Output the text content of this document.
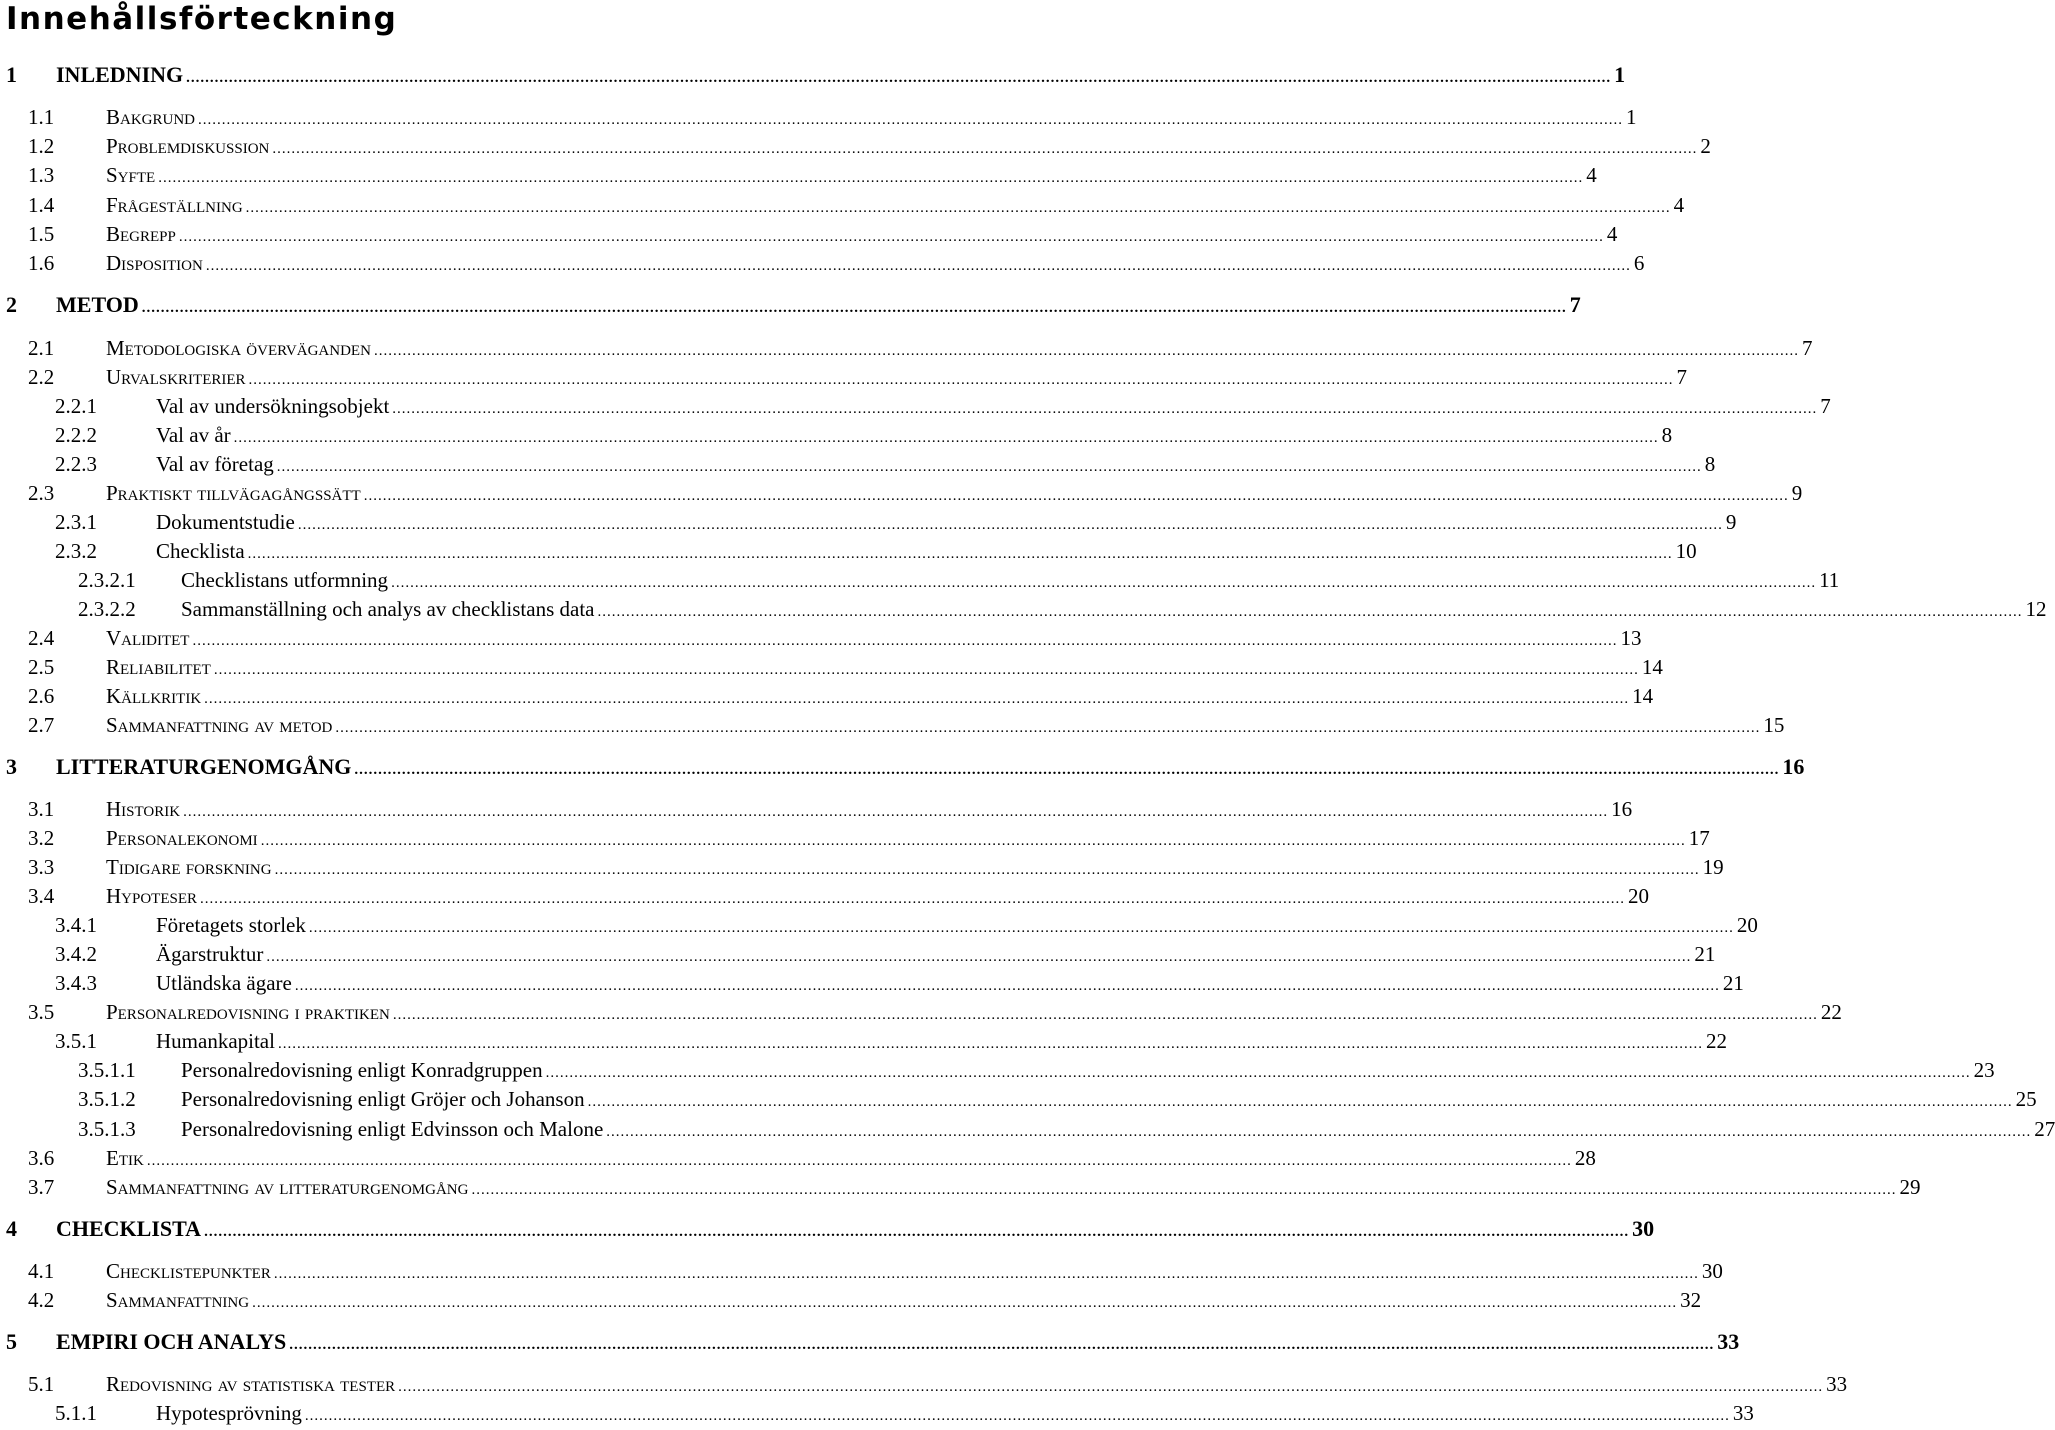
Innehållsförteckning
1 INLEDNING ............................................................................................................................................................................................................................................................................................................ 1
1.1 Bakgrund ............................................................................................................................................................................................................................................................................................................ 1
1.2 Problemdiskussion ............................................................................................................................................................................................................................................................................................................ 2
1.3 Syfte ............................................................................................................................................................................................................................................................................................................ 4
1.4 Frågeställning ............................................................................................................................................................................................................................................................................................................ 4
1.5 Begrepp ............................................................................................................................................................................................................................................................................................................ 4
1.6 Disposition ............................................................................................................................................................................................................................................................................................................ 6
2 METOD ............................................................................................................................................................................................................................................................................................................ 7
2.1 Metodologiska överväganden ............................................................................................................................................................................................................................................................................................................ 7
2.2 Urvalskriterier ............................................................................................................................................................................................................................................................................................................ 7
2.2.1	Val av undersökningsobjekt ............................................................................................................................................................................................................................................................................................................ 7
2.2.2	Val av år ............................................................................................................................................................................................................................................................................................................ 8
2.2.3	Val av företag ............................................................................................................................................................................................................................................................................................................ 8
2.3 Praktiskt tillvägagångssätt ............................................................................................................................................................................................................................................................................................................ 9
2.3.1	Dokumentstudie ............................................................................................................................................................................................................................................................................................................ 9
2.3.2	Checklista ............................................................................................................................................................................................................................................................................................................ 10
2.3.2.1 Checklistans utformning ............................................................................................................................................................................................................................................................................................................ 11
2.3.2.2 Sammanställning och analys av checklistans data ............................................................................................................................................................................................................................................................................................................ 12
2.4 Validitet ............................................................................................................................................................................................................................................................................................................ 13
2.5 Reliabilitet ............................................................................................................................................................................................................................................................................................................ 14
2.6 Källkritik ............................................................................................................................................................................................................................................................................................................ 14
2.7 Sammanfattning av metod ............................................................................................................................................................................................................................................................................................................ 15
3 LITTERATURGENOMGÅNG ............................................................................................................................................................................................................................................................................................................ 16
3.1 Historik ............................................................................................................................................................................................................................................................................................................ 16
3.2 Personalekonomi ............................................................................................................................................................................................................................................................................................................ 17
3.3 Tidigare forskning ............................................................................................................................................................................................................................................................................................................ 19
3.4 Hypoteser ............................................................................................................................................................................................................................................................................................................ 20
3.4.1	Företagets storlek ............................................................................................................................................................................................................................................................................................................ 20
3.4.2	Ägarstruktur ............................................................................................................................................................................................................................................................................................................ 21
3.4.3	Utländska ägare ............................................................................................................................................................................................................................................................................................................ 21
3.5 Personalredovisning i praktiken ............................................................................................................................................................................................................................................................................................................ 22
3.5.1	Humankapital ............................................................................................................................................................................................................................................................................................................ 22
3.5.1.1 Personalredovisning enligt Konradgruppen ............................................................................................................................................................................................................................................................................................................ 23
3.5.1.2 Personalredovisning enligt Gröjer och Johanson ............................................................................................................................................................................................................................................................................................................ 25
3.5.1.3 Personalredovisning enligt Edvinsson och Malone ............................................................................................................................................................................................................................................................................................................ 27
3.6 Etik ............................................................................................................................................................................................................................................................................................................ 28
3.7 Sammanfattning av litteraturgenomgång ............................................................................................................................................................................................................................................................................................................ 29
4 CHECKLISTA ............................................................................................................................................................................................................................................................................................................ 30
4.1 Checklistepunkter ............................................................................................................................................................................................................................................................................................................ 30
4.2 Sammanfattning ............................................................................................................................................................................................................................................................................................................ 32
5 EMPIRI OCH ANALYS ............................................................................................................................................................................................................................................................................................................ 33
5.1 Redovisning av statistiska tester ............................................................................................................................................................................................................................................................................................................ 33
5.1.1	Hypotesprövning ............................................................................................................................................................................................................................................................................................................ 33
